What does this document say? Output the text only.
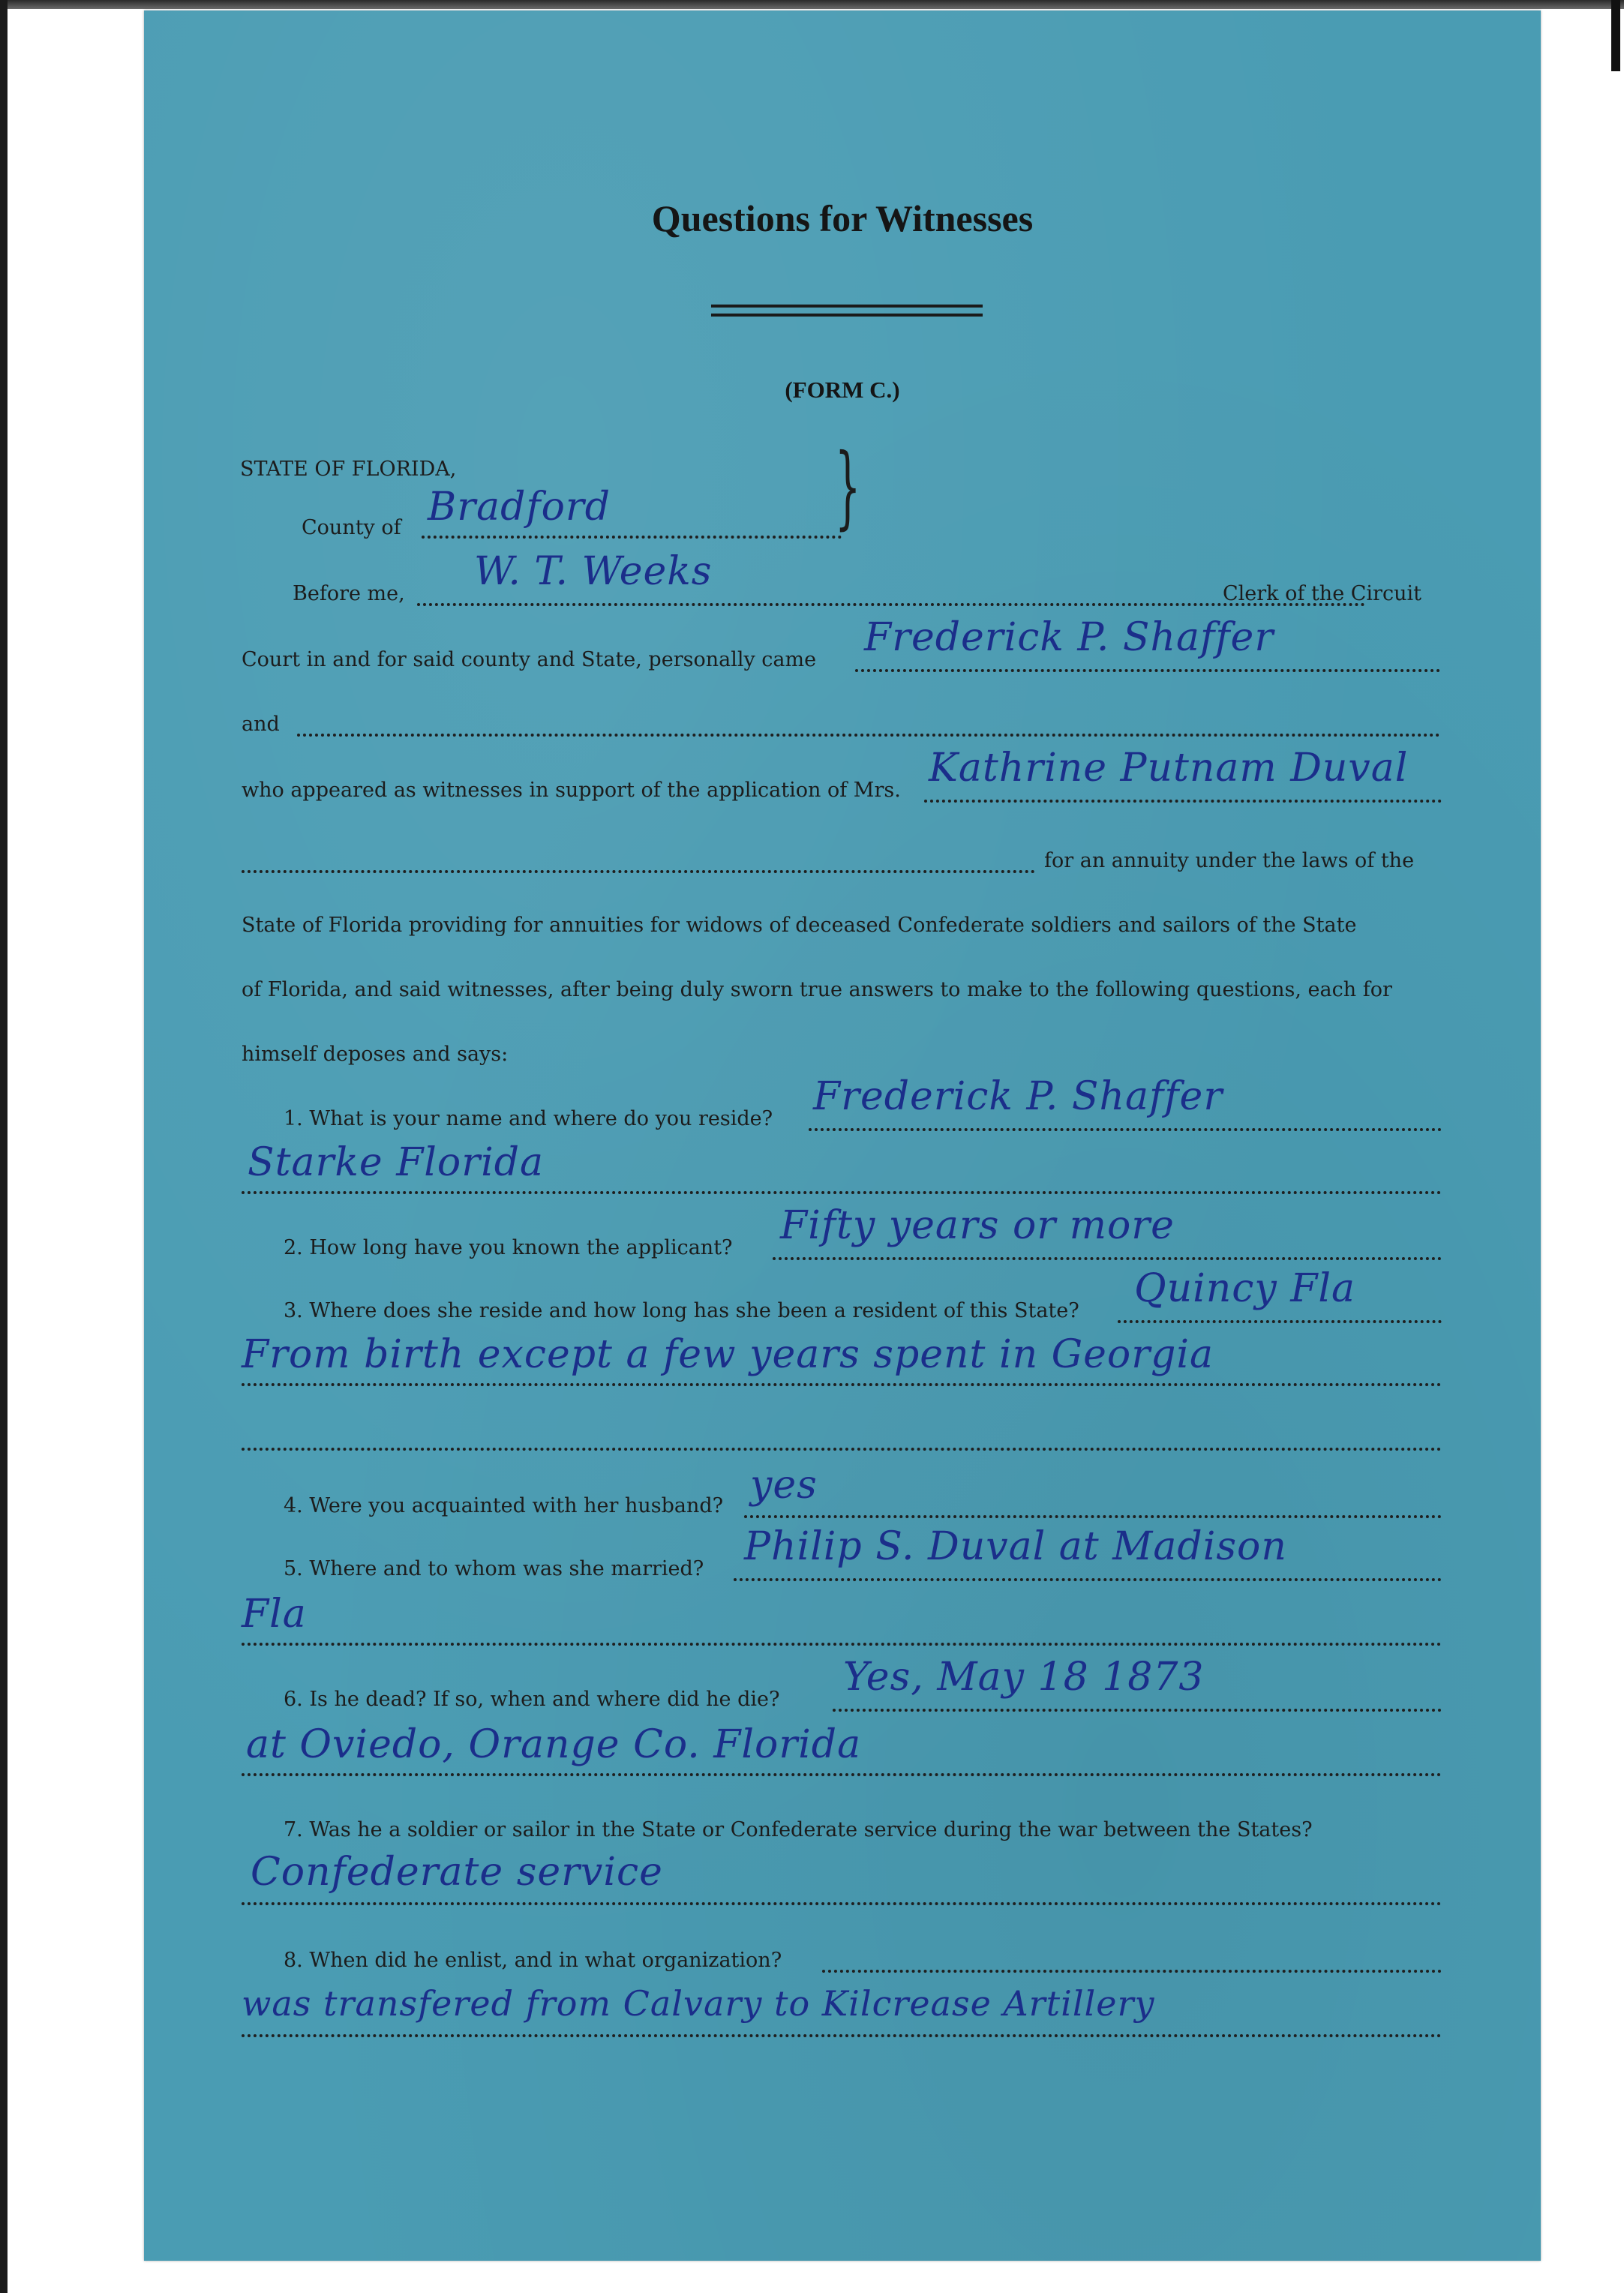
Questions for Witnesses
(FORM C.)
STATE OF FLORIDA,
County of Bradford }
Before me, W. T. Weeks	Clerk of the Circuit
Court in and for said county and State, personally came Frederick P. Shaffer
and
who appeared as witnesses in support of the application of Mrs. Kathrine Putnam Duval
for an annuity under the laws of the
State of Florida providing for annuities for widows of deceased Confederate soldiers and sailors of the State
of Florida, and said witnesses, after being duly sworn true answers to make to the following questions, each for
himself deposes and says:
1. What is your name and where do you reside? Frederick P. Shaffer
Starke Florida
2. How long have you known the applicant? Fifty years or more
3. Where does she reside and how long has she been a resident of this State? Quincy Fla
From birth except a few years spent in Georgia
4. Were you acquainted with her husband? yes
5. Where and to whom was she married? Philip S. Duval at Madison
Fla
6. Is he dead? If so, when and where did he die? Yes, May 18 1873
at Oviedo, Orange Co. Florida
7. Was he a soldier or sailor in the State or Confederate service during the war between the States?
Confederate service
8. When did he enlist, and in what organization?
was transfered from Calvary to Kilcrease Artillery
